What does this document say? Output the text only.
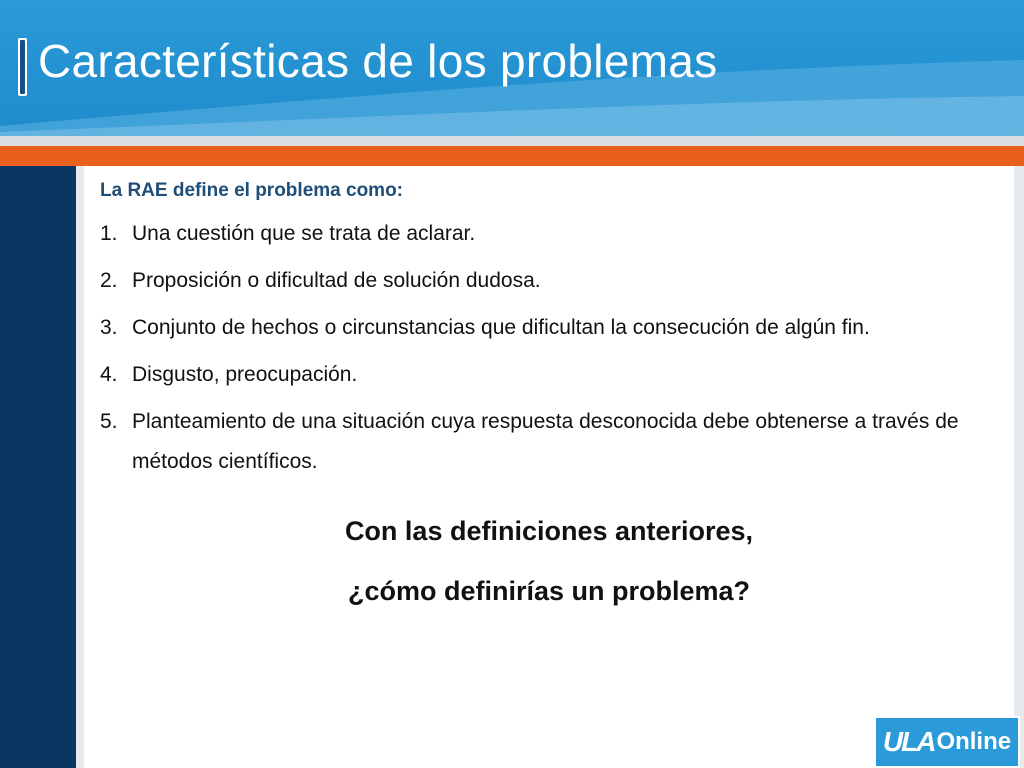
Características de los problemas

La RAE define el problema como:

1. Una cuestión que se trata de aclarar.
2. Proposición o dificultad de solución dudosa.
3. Conjunto de hechos o circunstancias que dificultan la consecución de algún fin.
4. Disgusto, preocupación.
5. Planteamiento de una situación cuya respuesta desconocida debe obtenerse a través de métodos científicos.

Con las definiciones anteriores,

¿cómo definirías un problema?

ULA Online
